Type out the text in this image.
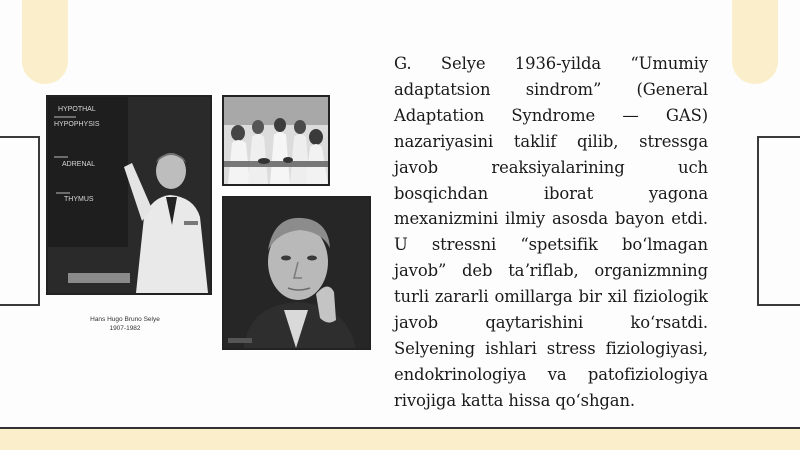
HYPOTHAL
HYPOPHYSIS
ADRENAL
THYMUS
Hans Hugo Bruno Selye
1907-1982
G. Selye 1936-yilda “Umumiy adaptatsion sindrom” (General Adaptation Syndrome — GAS) nazariyasini taklif qilib, stressga javob reaksiyalarining uch bosqichdan iborat yagona mexanizmini ilmiy asosda bayon etdi. U stressni “spetsifik boʻlmagan javob” deb taʼriflab, organizmning turli zararli omillarga bir xil fiziologik javob qaytarishini koʻrsatdi. Selyening ishlari stress fiziologiyasi, endokrinologiya va patofiziologiya rivojiga katta hissa qoʻshgan.
